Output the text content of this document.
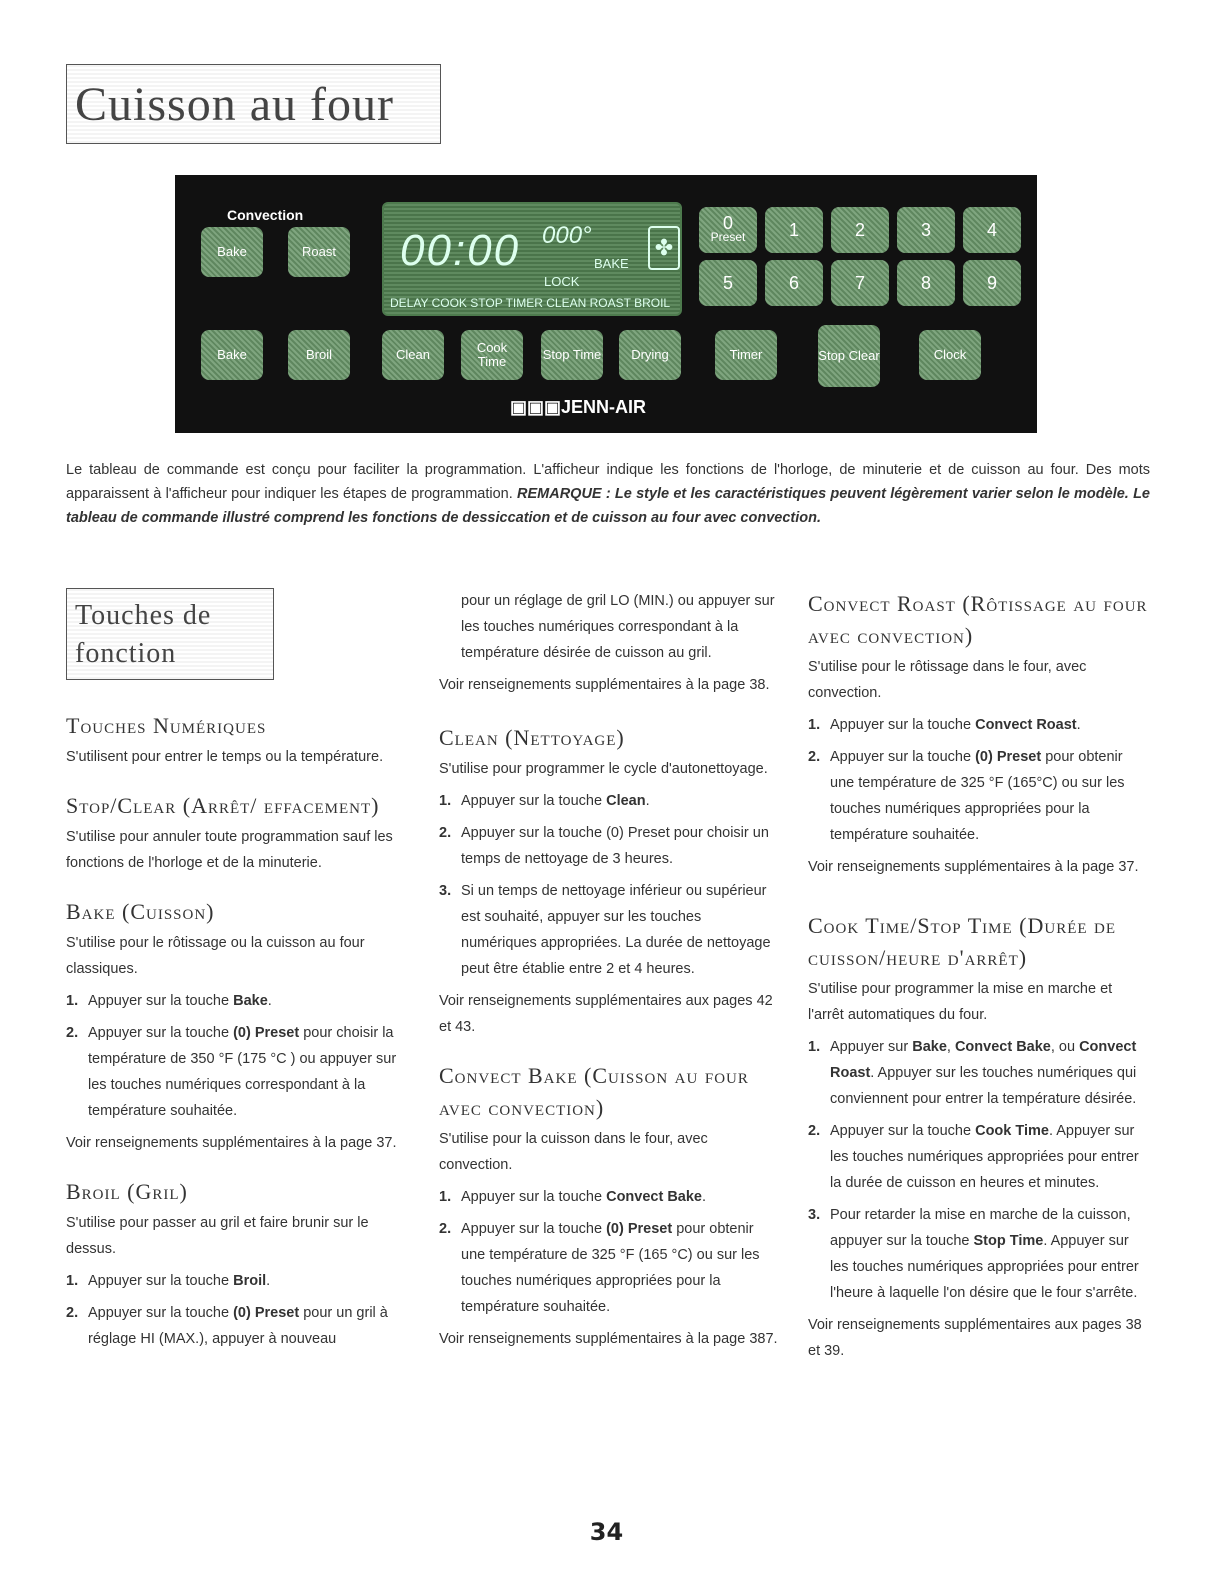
Cuisson au four
Convection
Bake	Roast	00:00 000°
BAKE
LOCK
✤
DELAY COOK STOP TIMER CLEAN ROAST BROIL
0
Preset	1	2	3	4
5	6	7	8	9
Bake	Broil	Clean	Cook Time	Stop Time	Drying	Timer	Stop Clear	Clock
▣▣▣JENN-AIR
Le tableau de commande est conçu pour faciliter la programmation. L'afficheur indique les fonctions de l'horloge, de minuterie et de cuisson au four. Des mots apparaissent à l'afficheur pour indiquer les étapes de programmation. REMARQUE : Le style et les caractéristiques peuvent légèrement varier selon le modèle. Le tableau de commande illustré comprend les fonctions de dessiccation et de cuisson au four avec convection.
Touches de fonction
Touches Numériques

S'utilisent pour entrer le temps ou la température.

Stop/Clear (Arrêt/ effacement)

S'utilise pour annuler toute programmation sauf les fonctions de l'horloge et de la minuterie.

Bake (Cuisson)

S'utilise pour le rôtissage ou la cuisson au four classiques.

1. Appuyer sur la touche Bake.
2. Appuyer sur la touche (0) Preset pour choisir la température de 350 °F (175 °C ) ou appuyer sur les touches numériques correspondant à la température souhaitée.

Voir renseignements supplémentaires à la page 37.

Broil (Gril)

S'utilise pour passer au gril et faire brunir sur le dessus.

1. Appuyer sur la touche Broil.
2. Appuyer sur la touche (0) Preset pour un gril à réglage HI (MAX.), appuyer à nouveau

pour un réglage de gril LO (MIN.) ou appuyer sur les touches numériques correspondant à la température désirée de cuisson au gril.

Voir renseignements supplémentaires à la page 38.

Clean (Nettoyage)

S'utilise pour programmer le cycle d'autonettoyage.

1. Appuyer sur la touche Clean.
2. Appuyer sur la touche (0) Preset pour choisir un temps de nettoyage de 3 heures.
3. Si un temps de nettoyage inférieur ou supérieur est souhaité, appuyer sur les touches numériques appropriées. La durée de nettoyage peut être établie entre 2 et 4 heures.

Voir renseignements supplémentaires aux pages 42 et 43.

Convect Bake (Cuisson au four avec convection)

S'utilise pour la cuisson dans le four, avec convection.

1. Appuyer sur la touche Convect Bake.
2. Appuyer sur la touche (0) Preset pour obtenir une température de 325 °F (165 °C) ou sur les touches numériques appropriées pour la température souhaitée.

Voir renseignements supplémentaires à la page 387.

Convect Roast (Rôtissage au four avec convection)

S'utilise pour le rôtissage dans le four, avec convection.

1. Appuyer sur la touche Convect Roast.
2. Appuyer sur la touche (0) Preset pour obtenir une température de 325 °F (165°C) ou sur les touches numériques appropriées pour la température souhaitée.

Voir renseignements supplémentaires à la page 37.

Cook Time/Stop Time (Durée de cuisson/heure d'arrêt)

S'utilise pour programmer la mise en marche et l'arrêt automatiques du four.

1. Appuyer sur Bake, Convect Bake, ou Convect Roast. Appuyer sur les touches numériques qui conviennent pour entrer la température désirée.
2. Appuyer sur la touche Cook Time. Appuyer sur les touches numériques appropriées pour entrer la durée de cuisson en heures et minutes.
3. Pour retarder la mise en marche de la cuisson, appuyer sur la touche Stop Time. Appuyer sur les touches numériques appropriées pour entrer l'heure à laquelle l'on désire que le four s'arrête.

Voir renseignements supplémentaires aux pages 38 et 39.

34
